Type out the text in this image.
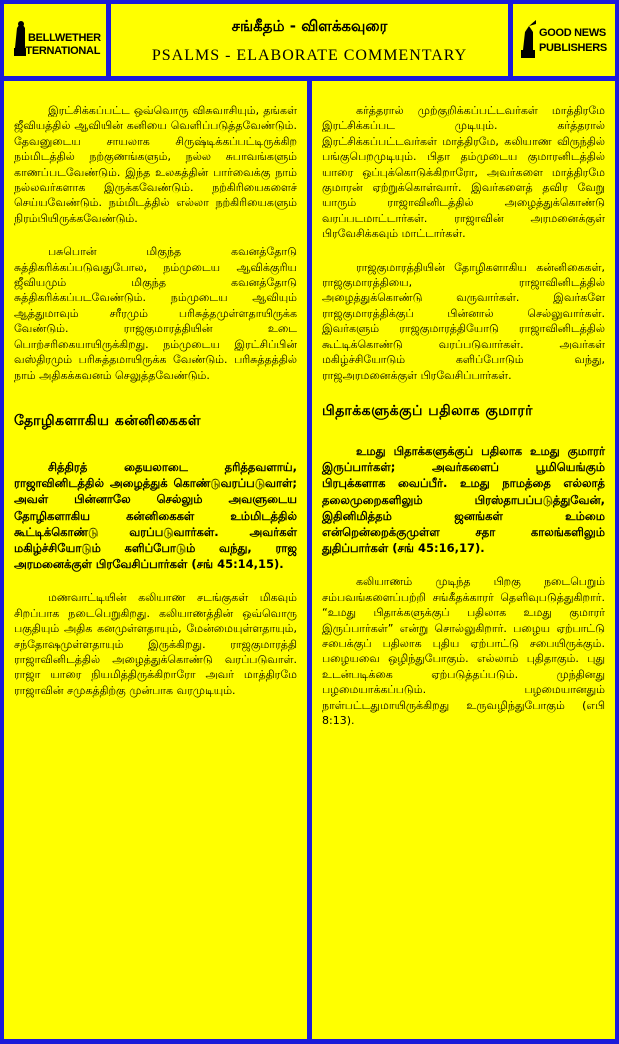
BELLWETHER
INTERNATIONAL
சங்கீதம் - விளக்கவுரை
PSALMS - ELABORATE COMMENTARY
GOOD NEWS
PUBLISHERS

இரட்சிக்கப்பட்ட ஒவ்வொரு விசுவாசியும், தங்கள் ஜீவியத்தில் ஆவியின் கனியை வெளிப்படுத்தவேண்டும். தேவனுடைய சாயலாக சிருஷ்டிக்கப்பட்டிருக்கிற நம்மிடத்தில் நற்குணங்களும், நல்ல சுபாவங்களும் காணப்படவேண்டும். இந்த உலகத்தின் பார்வைக்கு நாம் நல்லவர்களாக இருக்கவேண்டும். நற்கிரியைகளைச் செய்யவேண்டும். நம்மிடத்தில் எல்லா நற்கிரியைகளும் நிரம்பியிருக்கவேண்டும்.

பசுபொன் மிகுந்த கவனத்தோடு சுத்திகரிக்கப்படுவதுபோல, நம்முடைய ஆவிக்குரிய ஜீவியமும் மிகுந்த கவனத்தோடு சுத்திகரிக்கப்படவேண்டும். நம்முடைய ஆவியும் ஆத்துமாவும் சரீரமும் பரிசுத்தமுள்ளதாயிருக்க வேண்டும். ராஜகுமாரத்தியின் உடை பொற்சரிகையாயிருக்கிறது. நம்முடைய இரட்சிப்பின் வஸ்திரமும் பரிசுத்தமாயிருக்க வேண்டும். பரிசுத்தத்தில் நாம் அதிகக்கவனம் செலுத்தவேண்டும்.

தோழிகளாகிய கன்னிகைகள்

சித்திரத் தையலாடை தரித்தவளாய், ராஜாவினிடத்தில் அழைத்துக் கொண்டுவரப்படுவாள்; அவள் பின்னாலே செல்லும் அவளுடைய தோழிகளாகிய கன்னிகைகள் உம்மிடத்தில் கூட்டிக்கொண்டு வரப்படுவார்கள். அவர்கள் மகிழ்ச்சியோடும் களிப்போடும் வந்து, ராஜ அரமனைக்குள் பிரவேசிப்பார்கள் (சங் 45:14,15).

மணவாட்டியின் கலியாண சடங்குகள் மிகவும் சிறப்பாக நடைபெறுகிறது. கலியாணத்தின் ஒவ்வொரு பகுதியும் அதிக கனமுள்ளதாயும், மேன்மையுள்ளதாயும், சந்தோஷமுள்ளதாயும் இருக்கிறது. ராஜகுமாரத்தி ராஜாவினிடத்தில் அழைத்துக்கொண்டு வரப்படுவாள். ராஜா யாரை நியமித்திருக்கிறாரோ அவர் மாத்திரமே ராஜாவின் சமுகத்திற்கு முன்பாக வரமுடியும்.

கர்த்தரால் முற்குறிக்கப்பட்டவர்கள் மாத்திரமே இரட்சிக்கப்பட முடியும். கர்த்தரால் இரட்சிக்கப்பட்டவர்கள் மாத்திரமே, கலியாண விருந்தில் பங்குபெறமுடியும். பிதா தம்முடைய குமாரனிடத்தில் யாரை ஒப்புக்கொடுக்கிறாரோ, அவர்களை மாத்திரமே குமாரன் ஏற்றுக்கொள்வார். இவர்களைத் தவிர வேறு யாரும் ராஜாவினிடத்தில் அழைத்துக்கொண்டு வரப்படமாட்டார்கள். ராஜாவின் அரமனைக்குள் பிரவேசிக்கவும் மாட்டார்கள்.

ராஜகுமாரத்தியின் தோழிகளாகிய கன்னிகைகள், ராஜகுமாரத்தியை, ராஜாவினிடத்தில் அழைத்துக்கொண்டு வருவார்கள். இவர்களே ராஜகுமாரத்திக்குப் பின்னால் செல்லுவார்கள். இவர்களும் ராஜகுமாரத்தியோடு ராஜாவினிடத்தில் கூட்டிக்கொண்டு வரப்படுவார்கள். அவர்கள் மகிழ்ச்சியோடும் களிப்போடும் வந்து, ராஜஅரமனைக்குள் பிரவேசிப்பார்கள்.

பிதாக்களுக்குப் பதிலாக குமாரர்

உமது பிதாக்களுக்குப் பதிலாக உமது குமாரர் இருப்பார்கள்; அவர்களைப் பூமியெங்கும் பிரபுக்களாக வைப்பீர். உமது நாமத்தை எல்லாத் தலைமுறைகளிலும் பிரஸ்தாபப்படுத்துவேன், இதினிமித்தம் ஜனங்கள் உம்மை என்றென்றைக்குமுள்ள சதா காலங்களிலும் துதிப்பார்கள் (சங் 45:16,17).

கலியாணம் முடிந்த பிறகு நடைபெறும் சம்பவங்களைப்பற்றி சங்கீதக்காரர் தெளிவுபடுத்துகிறார். “உமது பிதாக்களுக்குப் பதிலாக உமது குமாரர் இருப்பார்கள்” என்று சொல்லுகிறார். பழைய ஏற்பாட்டு சபைக்குப் பதிலாக புதிய ஏற்பாட்டு சபையிருக்கும். பழையவை ஒழிந்துபோகும். எல்லாம் புதிதாகும். புது உடன்படிக்கை ஏற்படுத்தப்படும். முந்தினது பழமையாக்கப்படும். பழமையானதும் நாள்பட்டதுமாயிருக்கிறது உருவழிந்துபோகும் (எபி 8:13).
